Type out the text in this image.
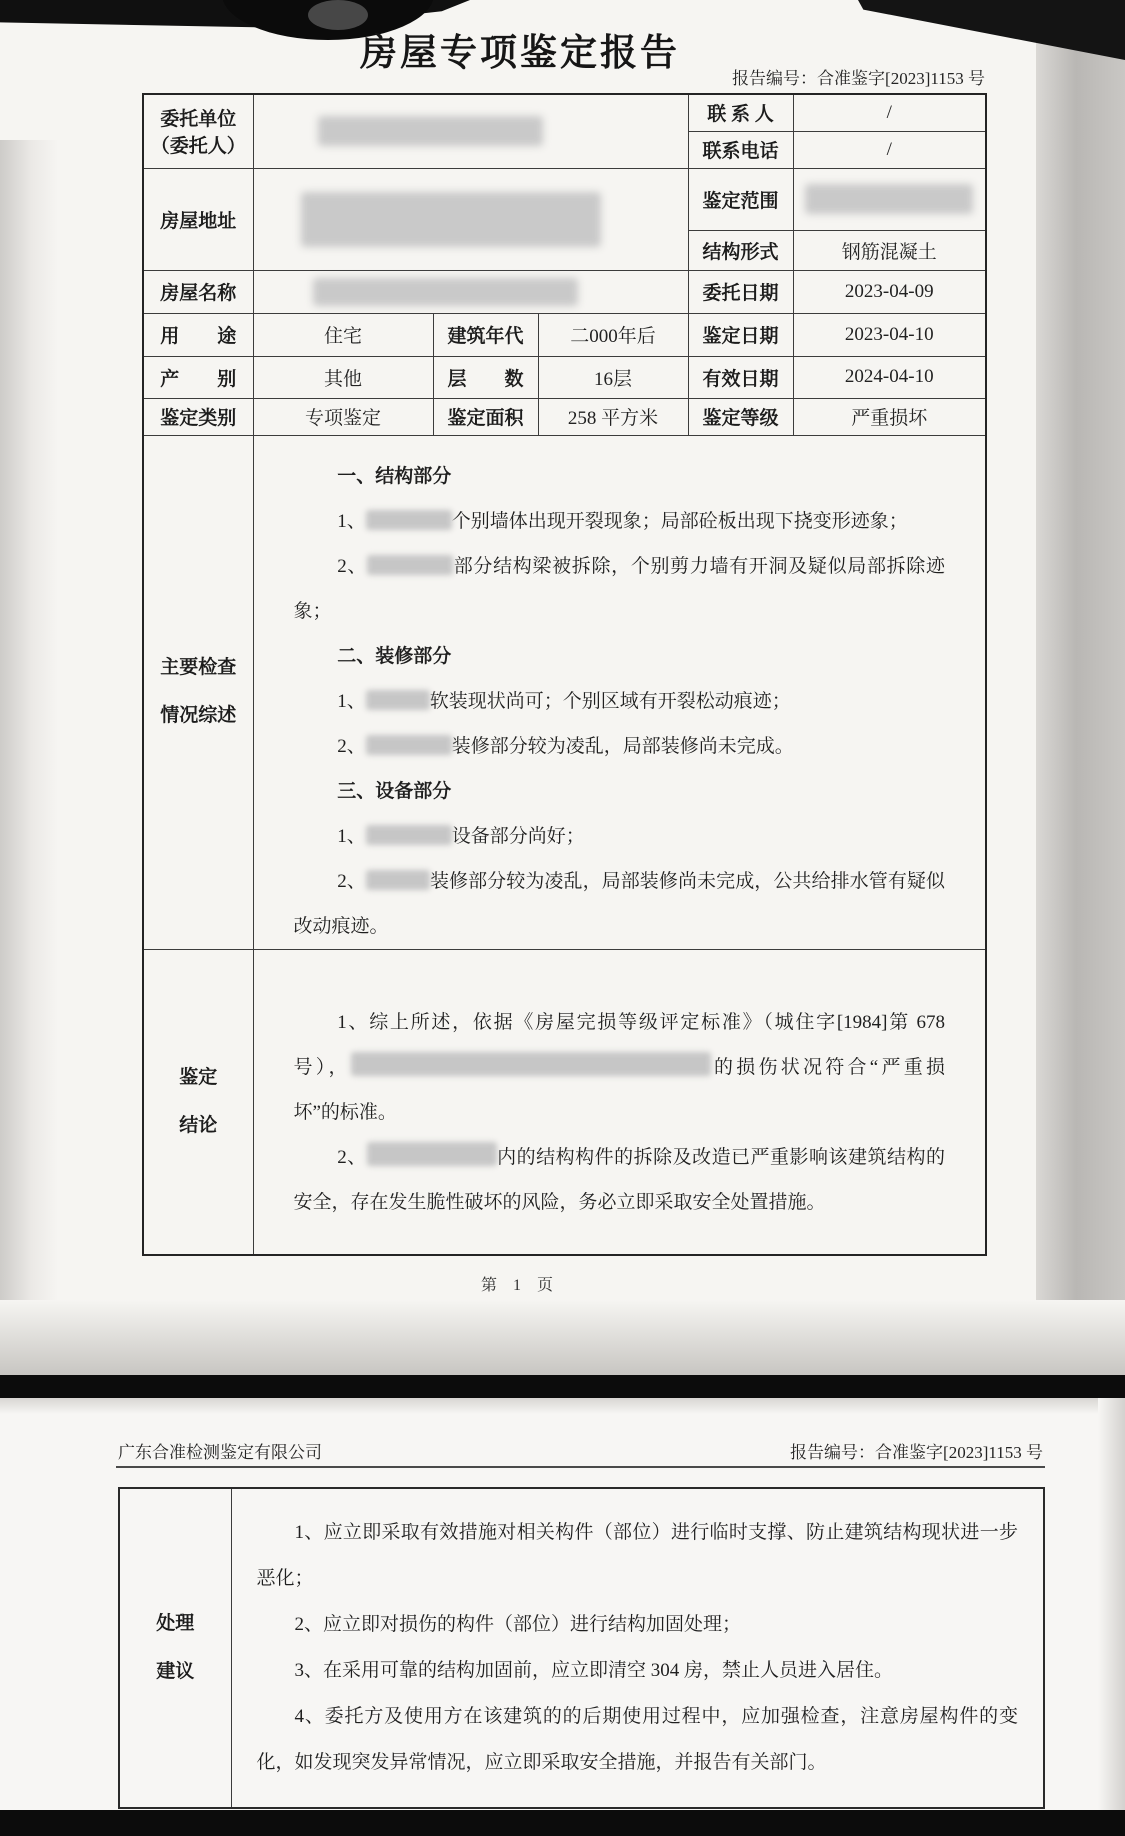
房屋专项鉴定报告
报告编号：合准鉴字[2023]1153 号
委托单位
（委托人）				联 系 人	/
				联系电话	/
房屋地址				鉴定范围	
				结构形式	钢筋混凝土
房屋名称				委托日期	2023-04-09
用　　途	住宅	建筑年代	二000年后	鉴定日期	2023-04-10
产　　别	其他	层　　数	16层	有效日期	2024-04-10
鉴定类别	专项鉴定	鉴定面积	258 平方米	鉴定等级	严重损坏

主要检查
情况综述

一、结构部分

1、	个别墙体出现开裂现象；局部砼板出现下挠变形迹象；

2、	部分结构梁被拆除，个别剪力墙有开洞及疑似局部拆除迹象；

二、装修部分

1、	软装现状尚可；个别区域有开裂松动痕迹；

2、	装修部分较为凌乱，局部装修尚未完成。

三、设备部分

1、	设备部分尚好；

2、	装修部分较为凌乱，局部装修尚未完成，公共给排水管有疑似改动痕迹。

鉴定
结论

1、综上所述，依据《房屋完损等级评定标准》（城住字[1984]第 678 号），	的损伤状况符合“严重损坏”的标准。

2、	内的结构构件的拆除及改造已严重影响该建筑结构的安全，存在发生脆性破坏的风险，务必立即采取安全处置措施。

第 1 页
广东合准检测鉴定有限公司	报告编号：合准鉴字[2023]1153 号
处理
建议

1、应立即采取有效措施对相关构件（部位）进行临时支撑、防止建筑结构现状进一步恶化；

2、应立即对损伤的构件（部位）进行结构加固处理；

3、在采用可靠的结构加固前，应立即清空 304 房，禁止人员进入居住。

4、委托方及使用方在该建筑的的后期使用过程中，应加强检查，注意房屋构件的变化，如发现突发异常情况，应立即采取安全措施，并报告有关部门。
